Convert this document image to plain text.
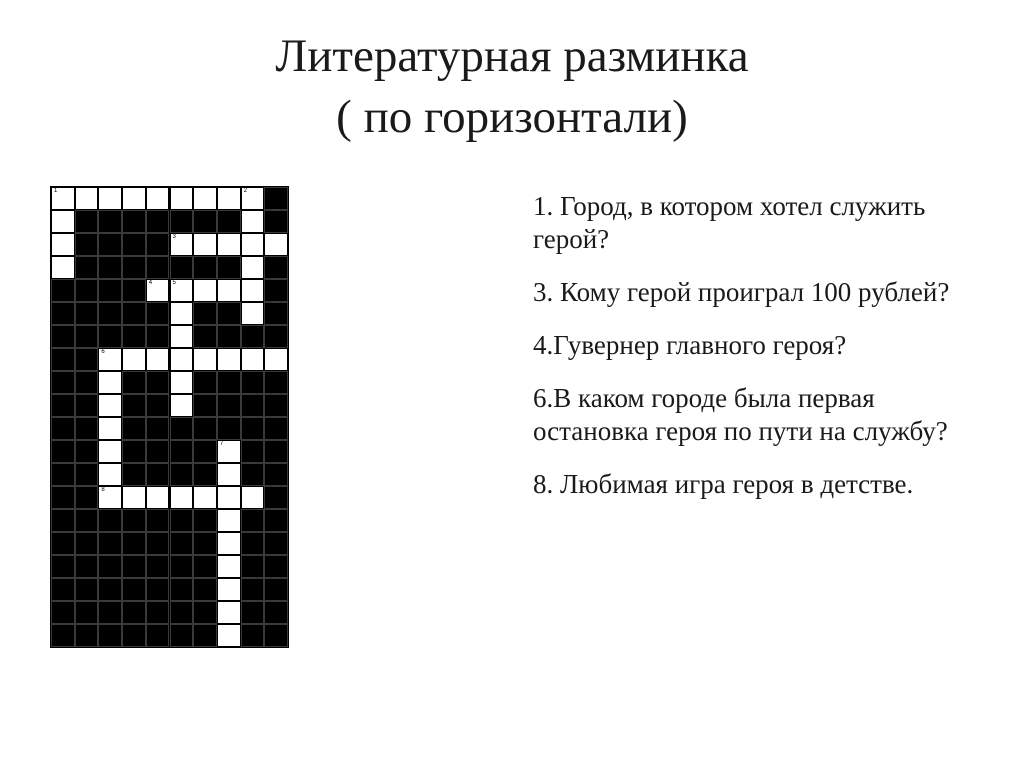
Литературная разминка
( по горизонтали)
1	2
3
4	5
6
7
8

1. Город, в котором хотел служить герой?

3. Кому герой проиграл 100 рублей?

4.Гувернер главного героя?

6.В каком городе была первая остановка героя по пути на службу?

8. Любимая игра героя в детстве.
